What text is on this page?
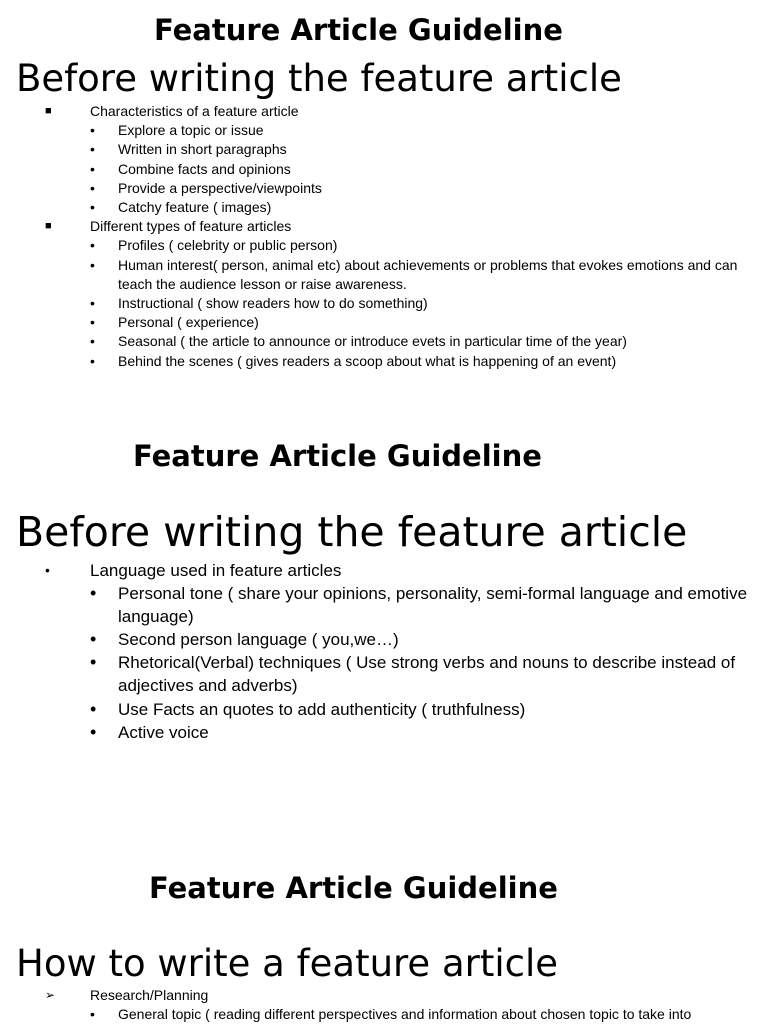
Feature Article Guideline
Before writing the feature article
■	Characteristics of a feature article
• Explore a topic or issue
• Written in short paragraphs
• Combine facts and opinions
• Provide a perspective/viewpoints
• Catchy feature ( images)
■	Different types of feature articles
• Profiles ( celebrity or public person)
• Human interest( person, animal etc) about achievements or problems that evokes emotions and can teach the audience lesson or raise awareness.
• Instructional ( show readers how to do something)
• Personal ( experience)
• Seasonal ( the article to announce or introduce evets in particular time of the year)
• Behind the scenes ( gives readers a scoop about what is happening of an event)
Feature Article Guideline
Before writing the feature article
• Language used in feature articles
• Personal tone ( share your opinions, personality, semi-formal language and emotive language)
• Second person language ( you,we…)
• Rhetorical(Verbal) techniques ( Use strong verbs and nouns to describe instead of adjectives and adverbs)
• Use Facts an quotes to add authenticity ( truthfulness)
• Active voice
Feature Article Guideline
How to write a feature article
➢ Research/Planning
• General topic ( reading different perspectives and information about chosen topic to take into
